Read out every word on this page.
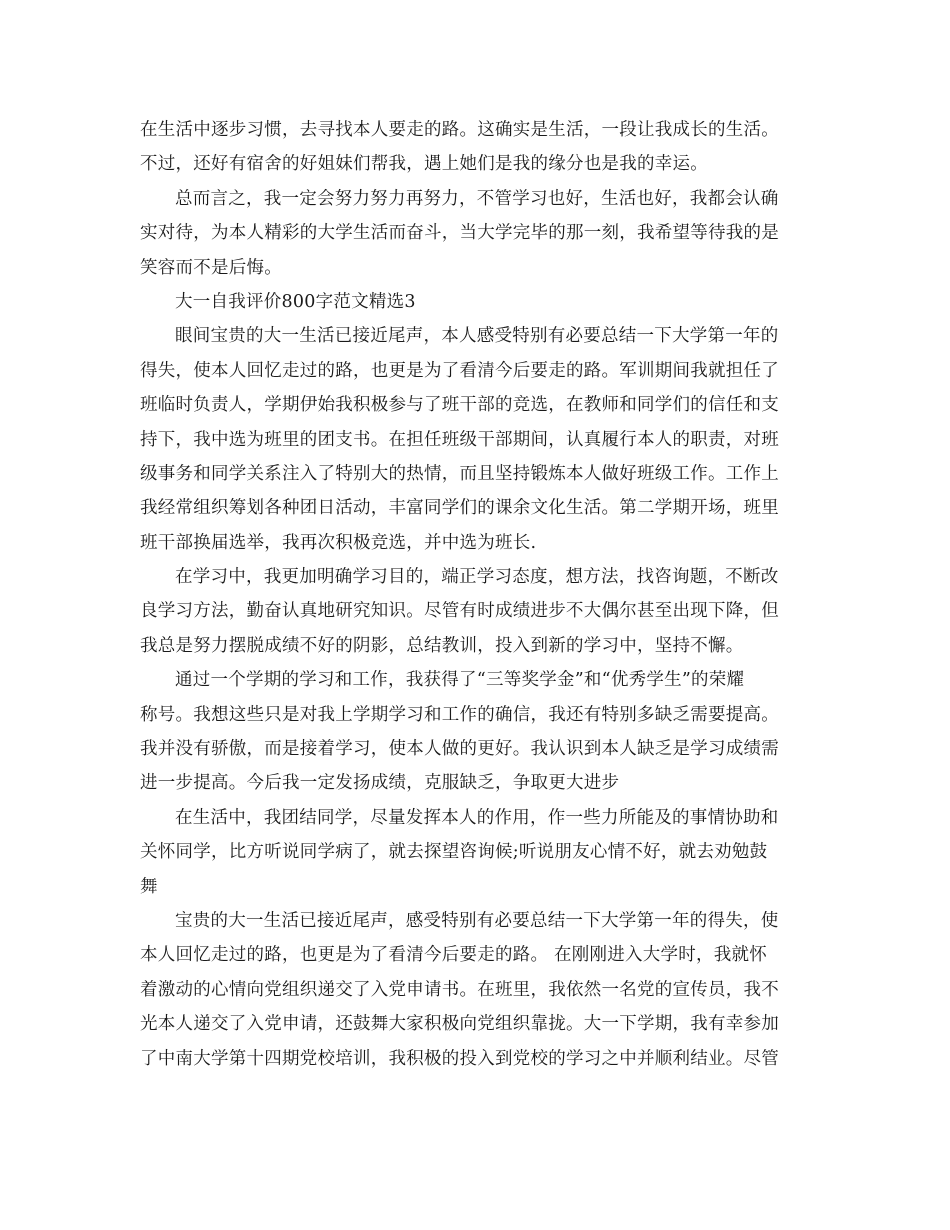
在生活中逐步习惯，去寻找本人要走的路。这确实是生活，一段让我成长的生活。
不过，还好有宿舍的好姐妹们帮我，遇上她们是我的缘分也是我的幸运。
总而言之，我一定会努力努力再努力，不管学习也好，生活也好，我都会认确
实对待，为本人精彩的大学生活而奋斗，当大学完毕的那一刻，我希望等待我的是
笑容而不是后悔。
大一自我评价800字范文精选3
眼间宝贵的大一生活已接近尾声，本人感受特别有必要总结一下大学第一年的
得失，使本人回忆走过的路，也更是为了看清今后要走的路。军训期间我就担任了
班临时负责人，学期伊始我积极参与了班干部的竞选，在教师和同学们的信任和支
持下，我中选为班里的团支书。在担任班级干部期间，认真履行本人的职责，对班
级事务和同学关系注入了特别大的热情，而且坚持锻炼本人做好班级工作。工作上
我经常组织筹划各种团日活动，丰富同学们的课余文化生活。第二学期开场，班里
班干部换届选举，我再次积极竞选，并中选为班长.
在学习中，我更加明确学习目的，端正学习态度，想方法，找咨询题，不断改
良学习方法，勤奋认真地研究知识。尽管有时成绩进步不大偶尔甚至出现下降，但
我总是努力摆脱成绩不好的阴影，总结教训，投入到新的学习中，坚持不懈。
通过一个学期的学习和工作，我获得了“三等奖学金”和“优秀学生”的荣耀
称号。我想这些只是对我上学期学习和工作的确信，我还有特别多缺乏需要提高。
我并没有骄傲，而是接着学习，使本人做的更好。我认识到本人缺乏是学习成绩需
进一步提高。今后我一定发扬成绩，克服缺乏，争取更大进步
在生活中，我团结同学，尽量发挥本人的作用，作一些力所能及的事情协助和
关怀同学，比方听说同学病了，就去探望咨询候;听说朋友心情不好，就去劝勉鼓
舞
宝贵的大一生活已接近尾声，感受特别有必要总结一下大学第一年的得失，使
本人回忆走过的路，也更是为了看清今后要走的路。 在刚刚进入大学时，我就怀
着激动的心情向党组织递交了入党申请书。在班里，我依然一名党的宣传员，我不
光本人递交了入党申请，还鼓舞大家积极向党组织靠拢。大一下学期，我有幸参加
了中南大学第十四期党校培训，我积极的投入到党校的学习之中并顺利结业。尽管
